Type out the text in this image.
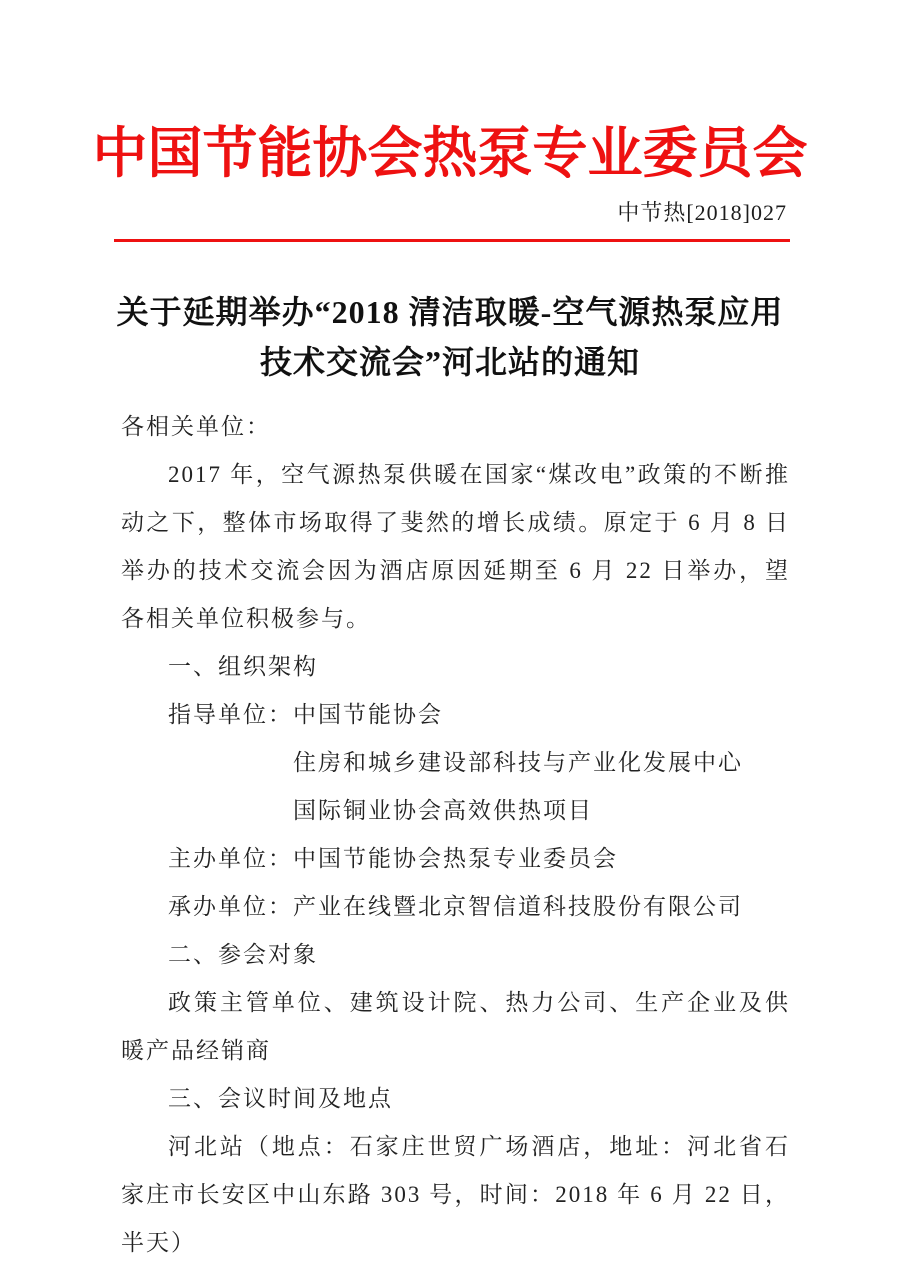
中国节能协会热泵专业委员会
中节热[2018]027
关于延期举办“2018 清洁取暖-空气源热泵应用技术交流会”河北站的通知

各相关单位：

2017 年，空气源热泵供暖在国家“煤改电”政策的不断推动之下，整体市场取得了斐然的增长成绩。原定于 6 月 8 日举办的技术交流会因为酒店原因延期至 6 月 22 日举办，望各相关单位积极参与。

一、组织架构

指导单位： 中国节能协会
住房和城乡建设部科技与产业化发展中心
国际铜业协会高效供热项目
主办单位： 中国节能协会热泵专业委员会
承办单位： 产业在线暨北京智信道科技股份有限公司

二、参会对象

政策主管单位、建筑设计院、热力公司、生产企业及供暖产品经销商

三、会议时间及地点

河北站（地点：石家庄世贸广场酒店，地址：河北省石家庄市长安区中山东路 303 号，时间：2018 年 6 月 22 日，半天）
